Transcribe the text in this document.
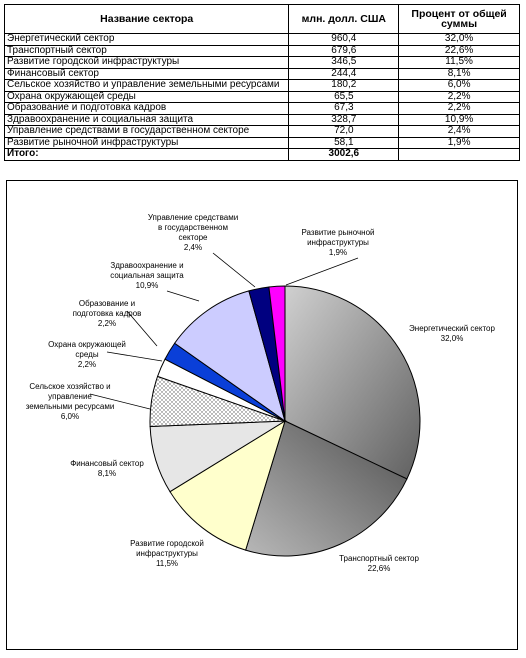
Название сектора	млн. долл. США	Процент от общей суммы
Энергетический сектор	960,4	32,0%
Транспортный сектор	679,6	22,6%
Развитие городской инфраструктуры	346,5	11,5%
Финансовый сектор	244,4	8,1%
Сельское хозяйство и управление земельными ресурсами	180,2	6,0%
Охрана окружающей среды	65,5	2,2%
Образование и подготовка кадров	67,3	2,2%
Здравоохранение и социальная защита	328,7	10,9%
Управление средствами в государственном секторе	72,0	2,4%
Развитие рыночной инфраструктуры	58,1	1,9%
Итого:	3002,6	
Энергетический сектор 32,0%
Транспортный сектор 22,6%
Развитие городской инфраструктуры 11,5%
Финансовый сектор 8,1%
Сельское хозяйство и управление земельными ресурсами 6,0%
Охрана окружающей среды 2,2%
Образование и подготовка кадров 2,2%
Здравоохранение и социальная защита 10,9%
Управление средствами в государственном секторе 2,4%
Развитие рыночной инфраструктуры 1,9%
